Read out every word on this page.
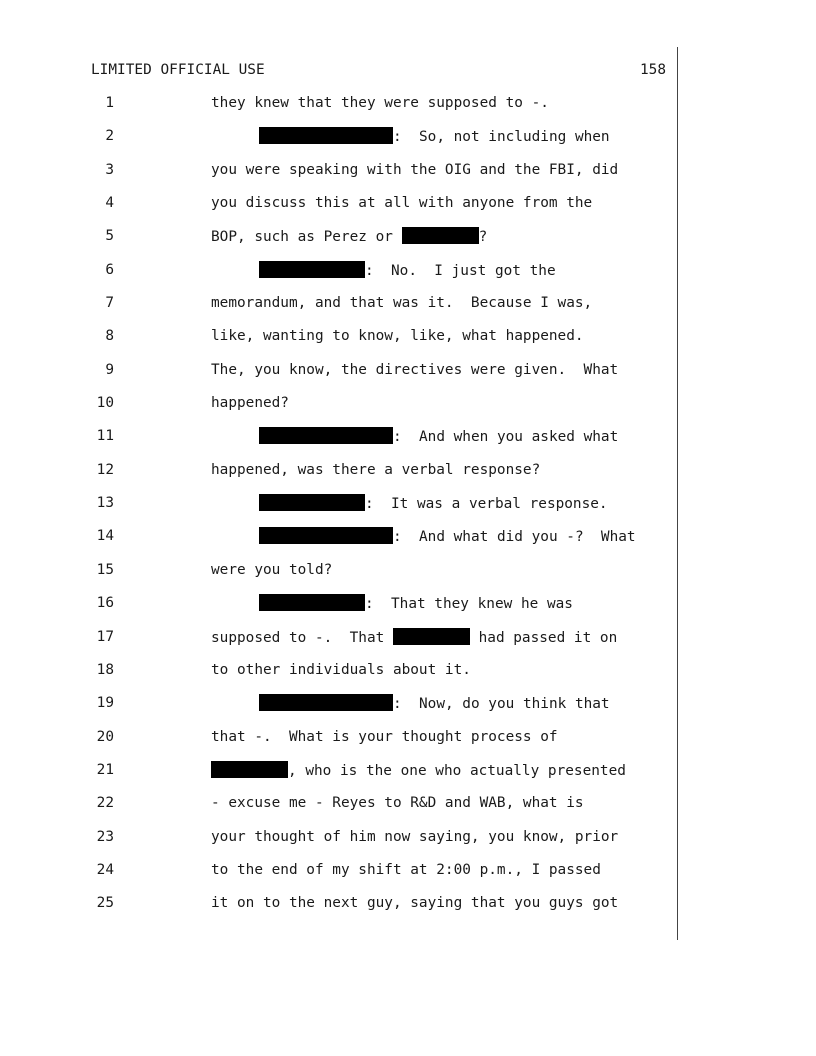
LIMITED OFFICIAL USE	158
1	they knew that they were supposed to -.
2	:  So, not including when
3	you were speaking with the OIG and the FBI, did
4	you discuss this at all with anyone from the
5	BOP, such as Perez or	?
6	:  No.  I just got the
7	memorandum, and that was it.  Because I was,
8	like, wanting to know, like, what happened.
9	The, you know, the directives were given.  What
10	happened?
11	:  And when you asked what
12	happened, was there a verbal response?
13	:  It was a verbal response.
14	:  And what did you -?  What
15	were you told?
16	:  That they knew he was
17	supposed to -.  That	had passed it on
18	to other individuals about it.
19	:  Now, do you think that
20	that -.  What is your thought process of
21	, who is the one who actually presented
22	- excuse me - Reyes to R&D and WAB, what is
23	your thought of him now saying, you know, prior
24	to the end of my shift at 2:00 p.m., I passed
25	it on to the next guy, saying that you guys got
